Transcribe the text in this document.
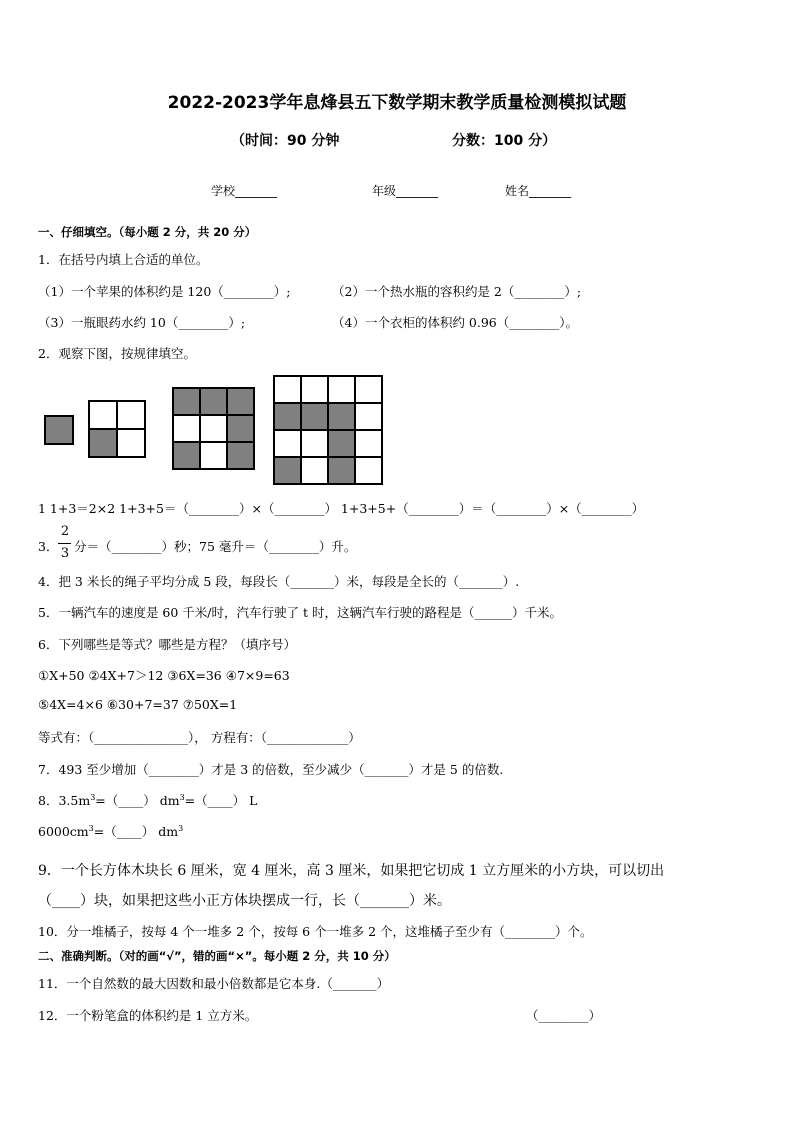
2022-2023学年息烽县五下数学期末教学质量检测模拟试题
（时间：90 分钟	分数：100 分）
学校_______	年级_______	姓名_______
一、仔细填空。（每小题 2 分，共 20 分）
1．在括号内填上合适的单位。
（1）一个苹果的体积约是 120（________）;	（2）一个热水瓶的容积约是 2（________）;
（3）一瓶眼药水约 10（________）;	（4）一个衣柜的体积约 0.96（________）。
2．观察下图，按规律填空。
1 1+3＝2×2 1+3+5＝（________）×（________） 1+3+5+（________）＝（________）×（________）
3．
2
3 分＝（________）秒；75 毫升＝（________）升。
4．把 3 米长的绳子平均分成 5 段，每段长（_______）米，每段是全长的（_______）.
5．一辆汽车的速度是 60 千米/时，汽车行驶了 t 时，这辆汽车行驶的路程是（______）千米。
6．下列哪些是等式？哪些是方程？（填序号）
①X+50 ②4X+7＞12 ③6X=36 ④7×9=63
⑤4X=4×6 ⑥30+7=37 ⑦50X=1
等式有：（_______________）， 方程有：（_____________）
7．493 至少增加（________）才是 3 的倍数，至少减少（_______）才是 5 的倍数.
8．$3.5m^3=(\_\_\_\_)$ $dm^3=(\_\_\_\_)$ L
$6000cm^3=(\_\_\_\_)$ $dm^3$
9．一个长方体木块长 6 厘米，宽 4 厘米，高 3 厘米，如果把它切成 1 立方厘米的小方块，可以切出
（____）块，如果把这些小正方体块摆成一行，长（_______）米。
10．分一堆橘子，按每 4 个一堆多 2 个，按每 6 个一堆多 2 个，这堆橘子至少有（________）个。
二、准确判断。（对的画“√”，错的画“×”。每小题 2 分，共 10 分）
11．一个自然数的最大因数和最小倍数都是它本身.（_______）
12．一个粉笔盒的体积约是 1 立方米。	（________）
